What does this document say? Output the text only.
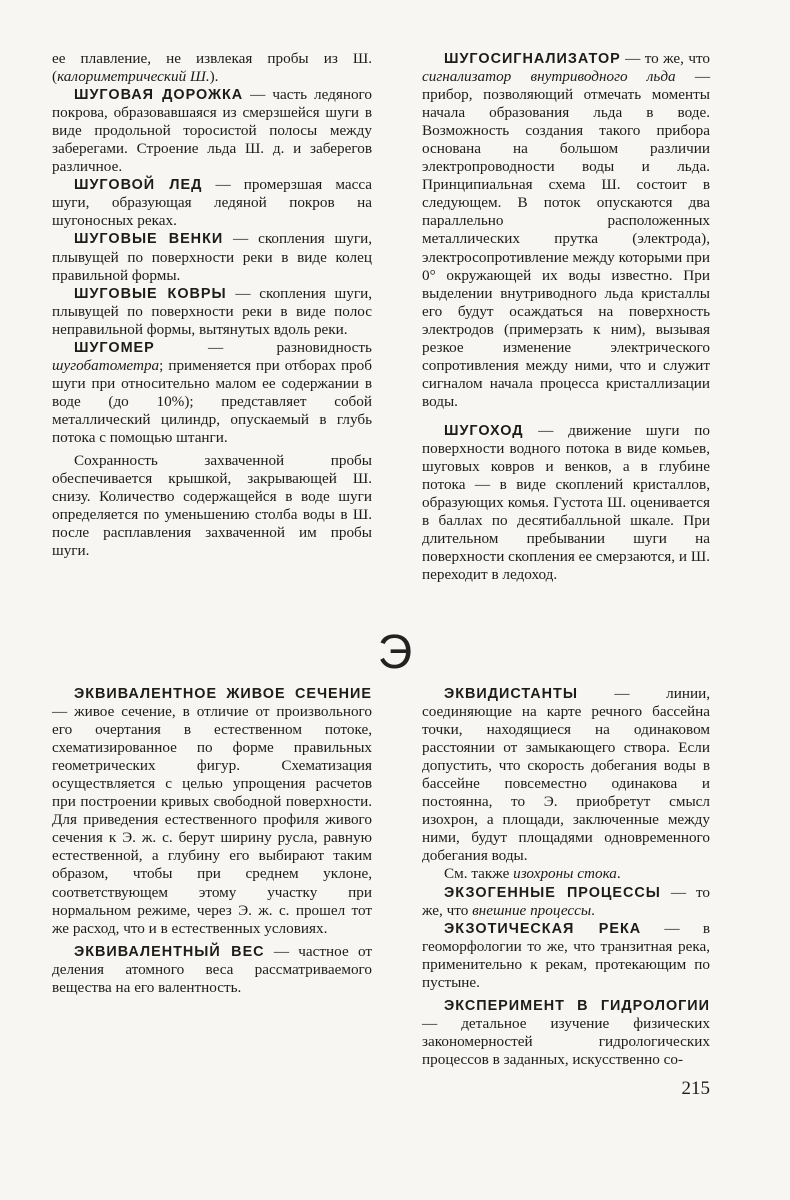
ее плавление, не извлекая пробы из Ш. (калориметрический Ш.).

ШУГОВАЯ ДОРОЖКА — часть ледяного покрова, образовавшаяся из смерзшейся шуги в виде продольной торосистой полосы между заберегами. Строение льда Ш. д. и заберегов различное.

ШУГОВОЙ ЛЕД — промерзшая масса шуги, образующая ледяной покров на шугоносных реках.

ШУГОВЫЕ ВЕНКИ — скопления шуги, плывущей по поверхности реки в виде колец правильной формы.

ШУГОВЫЕ КОВРЫ — скопления шуги, плывущей по поверхности реки в виде полос неправильной формы, вытянутых вдоль реки.

ШУГОМЕР — разновидность шугобатометра; применяется при отборах проб шуги при относительно малом ее содержании в воде (до 10%); представляет собой металлический цилиндр, опускаемый в глубь потока с помощью штанги.

Сохранность захваченной пробы обеспечивается крышкой, закрывающей Ш. снизу. Количество содержащейся в воде шуги определяется по уменьшению столба воды в Ш. после расплавления захваченной им пробы шуги.

ШУГОСИГНАЛИЗАТОР — то же, что сигнализатор внутриводного льда — прибор, позволяющий отмечать моменты начала образования льда в воде. Возможность создания такого прибора основана на большом различии электропроводности воды и льда. Принципиальная схема Ш. состоит в следующем. В поток опускаются два параллельно расположенных металлических прутка (электрода), электросопротивление между которыми при 0° окружающей их воды известно. При выделении внутриводного льда кристаллы его будут осаждаться на поверхность электродов (примерзать к ним), вызывая резкое изменение электрического сопротивления между ними, что и служит сигналом начала процесса кристаллизации воды.

ШУГОХОД — движение шуги по поверхности водного потока в виде комьев, шуговых ковров и венков, а в глубине потока — в виде скоплений кристаллов, образующих комья. Густота Ш. оценивается в баллах по десятибалльной шкале. При длительном пребывании шуги на поверхности скопления ее смерзаются, и Ш. переходит в ледоход.

Э

ЭКВИВАЛЕНТНОЕ ЖИВОЕ СЕЧЕНИЕ — живое сечение, в отличие от произвольного его очертания в естественном потоке, схематизированное по форме правильных геометрических фигур. Схематизация осуществляется с целью упрощения расчетов при построении кривых свободной поверхности. Для приведения естественного профиля живого сечения к Э. ж. с. берут ширину русла, равную естественной, а глубину его выбирают таким образом, чтобы при среднем уклоне, соответствующем этому участку при нормальном режиме, через Э. ж. с. прошел тот же расход, что и в естественных условиях.

ЭКВИВАЛЕНТНЫЙ ВЕС — частное от деления атомного веса рассматриваемого вещества на его валентность.

ЭКВИДИСТАНТЫ — линии, соединяющие на карте речного бассейна точки, находящиеся на одинаковом расстоянии от замыкающего створа. Если допустить, что скорость добегания воды в бассейне повсеместно одинакова и постоянна, то Э. приобретут смысл изохрон, а площади, заключенные между ними, будут площадями одновременного добегания воды.

См. также изохроны стока.

ЭКЗОГЕННЫЕ ПРОЦЕССЫ — то же, что внешние процессы.

ЭКЗОТИЧЕСКАЯ РЕКА — в геоморфологии то же, что транзитная река, применительно к рекам, протекающим по пустыне.

ЭКСПЕРИМЕНТ В ГИДРОЛОГИИ — детальное изучение физических закономерностей гидрологических процессов в заданных, искусственно со-

215
